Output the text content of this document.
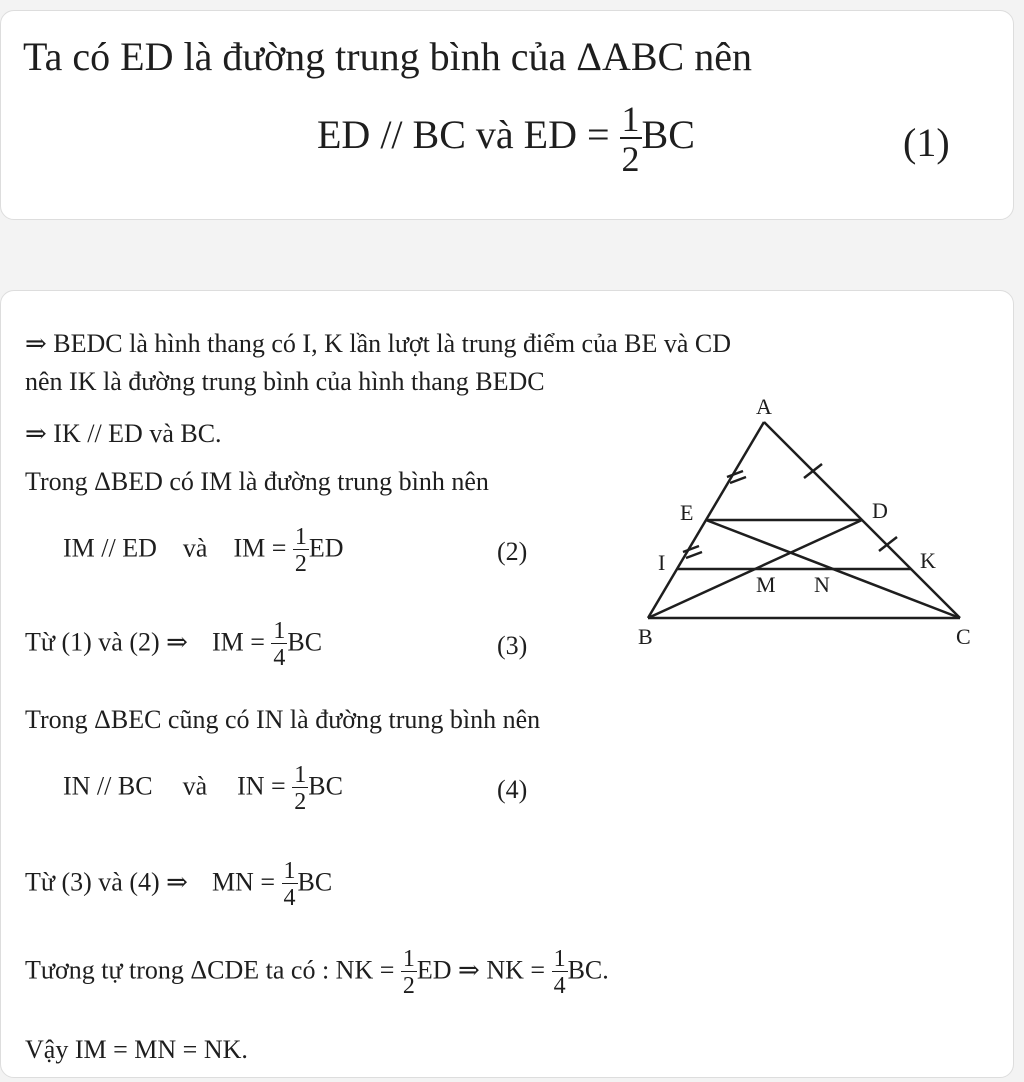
Ta có ED là đường trung bình của ΔABC nên
ED // BC và ED = $\frac{1}{2}$ BC	(1)
⇒ BEDC là hình thang có I, K lần lượt là trung điểm của BE và CD
nên IK là đường trung bình của hình thang BEDC
⇒ IK // ED và BC.
Trong ΔBED có IM là đường trung bình nên
IM // ED và IM = $\frac{1}{2}$ ED	(2)
Từ (1) và (2) ⇒ IM = $\frac{1}{4}$ BC	(3)
Trong ΔBEC cũng có IN là đường trung bình nên
IN // BC và IN = $\frac{1}{2}$ BC	(4)
Từ (3) và (4) ⇒ MN = $\frac{1}{4}$ BC
Tương tự trong ΔCDE ta có : NK = $\frac{1}{2}$ ED ⇒ NK = $\frac{1}{4}$ BC.
Vậy IM = MN = NK.
A
B	C
D
E
I	K
M N
